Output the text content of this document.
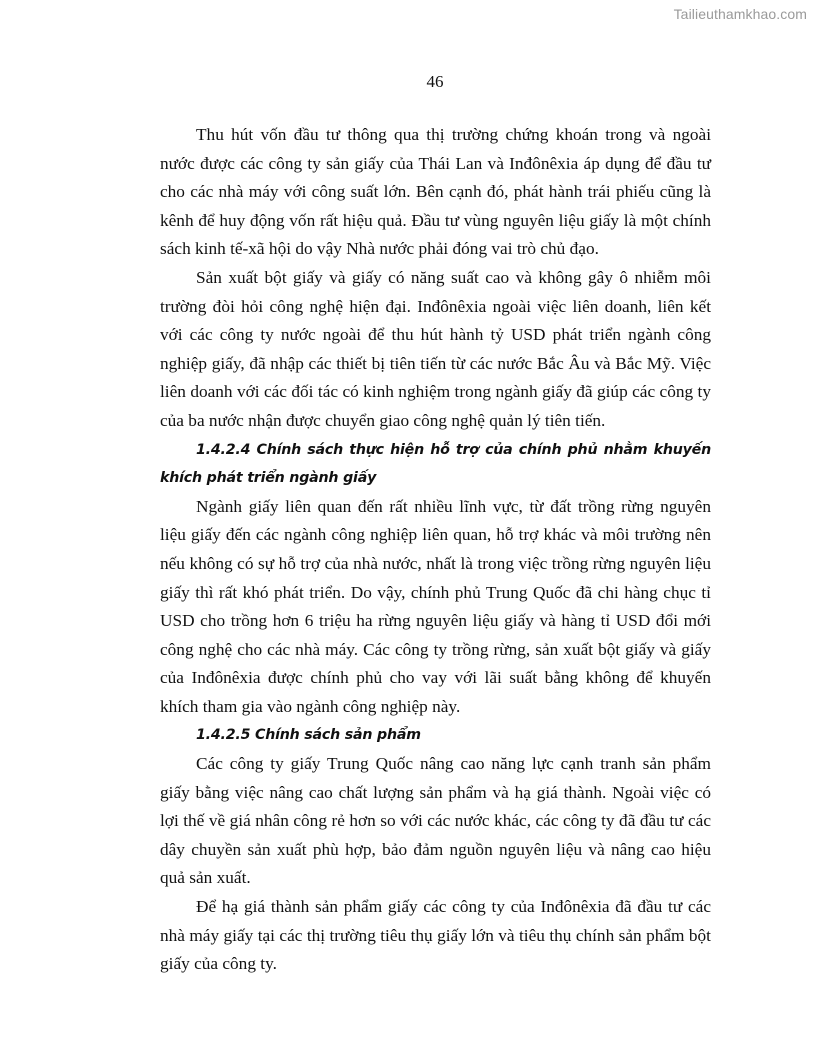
Tailieuthamkhao.com
46

Thu hút vốn đầu tư thông qua thị trường chứng khoán trong và ngoài nước được các công ty sản giấy của Thái Lan và Inđônêxia áp dụng để đầu tư cho các nhà máy với công suất lớn. Bên cạnh đó, phát hành trái phiếu cũng là kênh để huy động vốn rất hiệu quả. Đầu tư vùng nguyên liệu giấy là một chính sách kinh tế-xã hội do vậy Nhà nước phải đóng vai trò chủ đạo.

Sản xuất bột giấy và giấy có năng suất cao và không gây ô nhiễm môi trường đòi hỏi công nghệ hiện đại. Inđônêxia ngoài việc liên doanh, liên kết với các công ty nước ngoài để thu hút hành tỷ USD phát triển ngành công nghiệp giấy, đã nhập các thiết bị tiên tiến từ các nước Bắc Âu và Bắc Mỹ. Việc liên doanh với các đối tác có kinh nghiệm trong ngành giấy đã giúp các công ty của ba nước nhận được chuyển giao công nghệ quản lý tiên tiến.

1.4.2.4 Chính sách thực hiện hỗ trợ của chính phủ nhằm khuyến khích phát triển ngành giấy

Ngành giấy liên quan đến rất nhiều lĩnh vực, từ đất trồng rừng nguyên liệu giấy đến các ngành công nghiệp liên quan, hỗ trợ khác và môi trường nên nếu không có sự hỗ trợ của nhà nước, nhất là trong việc trồng rừng nguyên liệu giấy thì rất khó phát triển. Do vậy, chính phủ Trung Quốc đã chi hàng chục tỉ USD cho trồng hơn 6 triệu ha rừng nguyên liệu giấy và hàng tỉ USD đổi mới công nghệ cho các nhà máy. Các công ty trồng rừng, sản xuất bột giấy và giấy của Inđônêxia được chính phủ cho vay với lãi suất bằng không để khuyến khích tham gia vào ngành công nghiệp này.

1.4.2.5 Chính sách sản phẩm

Các công ty giấy Trung Quốc nâng cao năng lực cạnh tranh sản phẩm giấy bằng việc nâng cao chất lượng sản phẩm và hạ giá thành. Ngoài việc có lợi thế về giá nhân công rẻ hơn so với các nước khác, các công ty đã đầu tư các dây chuyền sản xuất phù hợp, bảo đảm nguồn nguyên liệu và nâng cao hiệu quả sản xuất.

Để hạ giá thành sản phẩm giấy các công ty của Inđônêxia đã đầu tư các nhà máy giấy tại các thị trường tiêu thụ giấy lớn và tiêu thụ chính sản phẩm bột giấy của công ty.
